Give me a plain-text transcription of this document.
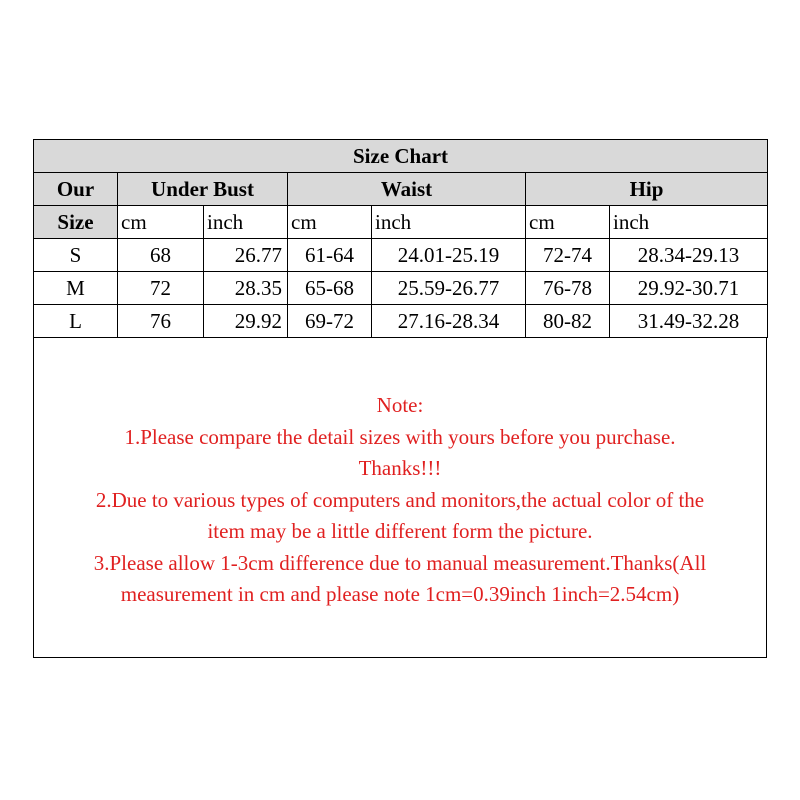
Size Chart						
Our	Under Bust		Waist		Hip	
Size	cm	inch	cm	inch	cm	inch
S	68	26.77	61-64	24.01-25.19	72-74	28.34-29.13
M	72	28.35	65-68	25.59-26.77	76-78	29.92-30.71
L	76	29.92	69-72	27.16-28.34	80-82	31.49-32.28
Note:
1.Please compare the detail sizes with yours before you purchase.
Thanks!!!
2.Due to various types of computers and monitors,the actual color of the
item may be a little different form the picture.
3.Please allow 1-3cm difference due to manual measurement.Thanks(All
measurement in cm and please note 1cm=0.39inch 1inch=2.54cm)
